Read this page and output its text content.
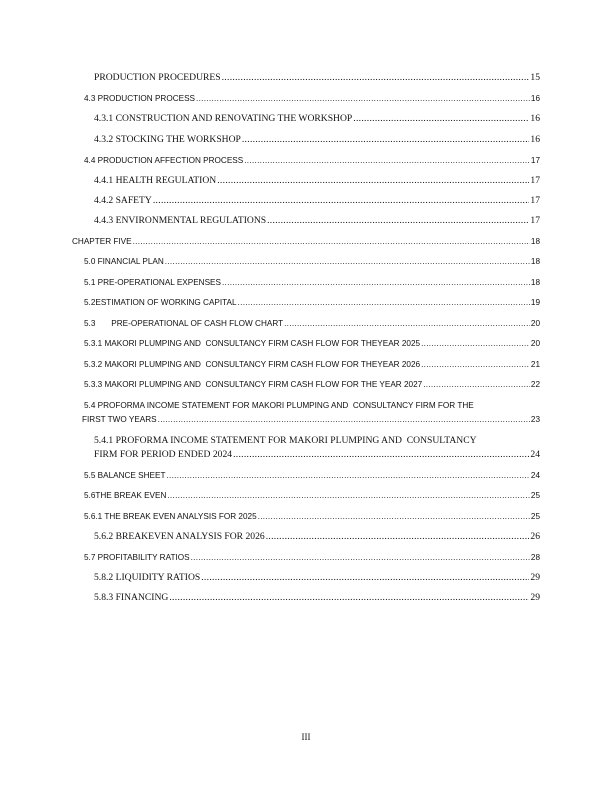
PRODUCTION PROCEDURES .....	15
4.3 PRODUCTION PROCESS .....	16
4.3.1 CONSTRUCTION AND RENOVATING THE WORKSHOP .....	16
4.3.2 STOCKING THE WORKSHOP .....	16
4.4 PRODUCTION AFFECTION PROCESS .....	17
4.4.1 HEALTH REGULATION .....	17
4.4.2 SAFETY .....	17
4.4.3 ENVIRONMENTAL REGULATIONS .....	17
CHAPTER FIVE .....	18
5.0 FINANCIAL PLAN .....	18
5.1 PRE-OPERATIONAL EXPENSES .....	18
5.2ESTIMATION OF WORKING CAPITAL .....	19
5.3       PRE-OPERATIONAL OF CASH FLOW CHART .....	20
5.3.1 MAKORI PLUMPING AND  CONSULTANCY FIRM CASH FLOW FOR THEYEAR 2025 .....	20
5.3.2 MAKORI PLUMPING AND  CONSULTANCY FIRM CASH FLOW FOR THEYEAR 2026 .....	21
5.3.3 MAKORI PLUMPING AND  CONSULTANCY FIRM CASH FLOW FOR THE YEAR 2027 .....	22
5.4 PROFORMA INCOME STATEMENT FOR MAKORI PLUMPING AND  CONSULTANCY FIRM FOR THE
FIRST TWO YEARS .....	23
5.4.1 PROFORMA INCOME STATEMENT FOR MAKORI PLUMPING AND  CONSULTANCY
FIRM FOR PERIOD ENDED 2024 .....	24
5.5 BALANCE SHEET .....	24
5.6THE BREAK EVEN .....	25
5.6.1 THE BREAK EVEN ANALYSIS FOR 2025 .....	25
5.6.2 BREAKEVEN ANALYSIS FOR 2026 .....	26
5.7 PROFITABILITY RATIOS .....	28
5.8.2 LIQUIDITY RATIOS .....	29
5.8.3 FINANCING .....	29
III
